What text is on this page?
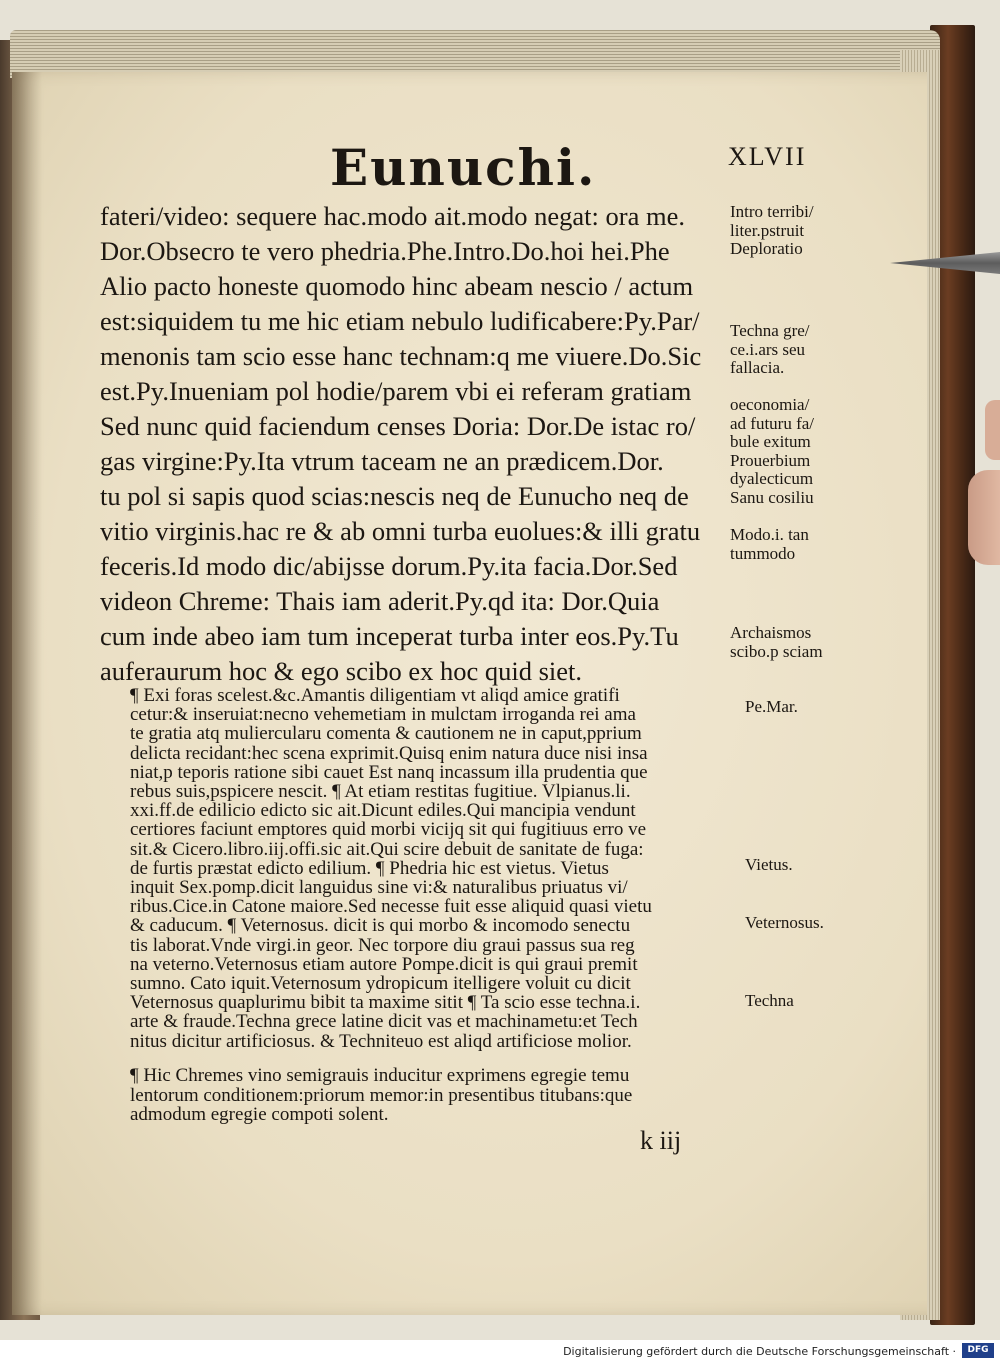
Eunuchi.	XLVII
fateri/video: sequere hac.modo ait.modo negat: ora me.
Dor.Obsecro te vero phedria.Phe.Intro.Do.hoi hei.Phe
Alio pacto honeste quomodo hinc abeam nescio / actum
est:siquidem tu me hic etiam nebulo ludificabere:Py.Par/
menonis tam scio esse hanc technam:q me viuere.Do.Sic
est.Py.Inueniam pol hodie/parem vbi ei referam gratiam
Sed nunc quid faciendum censes Doria: Dor.De istac ro/
gas virgine:Py.Ita vtrum taceam ne an prædicem.Dor.
tu pol si sapis quod scias:nescis neq de Eunucho neq de
vitio virginis.hac re & ab omni turba euolues:& illi gratu
feceris.Id modo dic/abijsse dorum.Py.ita facia.Dor.Sed
videon Chreme: Thais iam aderit.Py.qd ita: Dor.Quia
cum inde abeo iam tum inceperat turba inter eos.Py.Tu
auferaurum hoc & ego scibo ex hoc quid siet.
¶ Exi foras scelest.&c.Amantis diligentiam vt aliqd amice gratifi
cetur:& inseruiat:necno vehemetiam in mulctam irroganda rei ama
te gratia atq muliercularu comenta & cautionem ne in caput,pprium
delicta recidant:hec scena exprimit.Quisq enim natura duce nisi insa
niat,p teporis ratione sibi cauet Est nanq incassum illa prudentia que
rebus suis,pspicere nescit. ¶ At etiam restitas fugitiue. Vlpianus.li.
xxi.ff.de edilicio edicto sic ait.Dicunt ediles.Qui mancipia vendunt
certiores faciunt emptores quid morbi vicijq sit qui fugitiuus erro ve
sit.& Cicero.libro.iij.offi.sic ait.Qui scire debuit de sanitate de fuga:
de furtis præstat edicto edilium. ¶ Phedria hic est vietus. Vietus
inquit Sex.pomp.dicit languidus sine vi:& naturalibus priuatus vi/
ribus.Cice.in Catone maiore.Sed necesse fuit esse aliquid quasi vietu
& caducum. ¶ Veternosus. dicit is qui morbo & incomodo senectu
tis laborat.Vnde virgi.in geor. Nec torpore diu graui passus sua reg
na veterno.Veternosus etiam autore Pompe.dicit is qui graui premit
sumno. Cato iquit.Veternosum ydropicum itelligere voluit cu dicit
Veternosus quaplurimu bibit ta maxime sitit ¶ Ta scio esse techna.i.
arte & fraude.Techna grece latine dicit vas et machinametu:et Tech
nitus dicitur artificiosus. & Techniteuo est aliqd artificiose molior.
¶ Hic Chremes vino semigrauis inducitur exprimens egregie temu
lentorum conditionem:priorum memor:in presentibus titubans:que
admodum egregie compoti solent.
Intro terribi/
liter.pstruit
Deploratio
Techna gre/
ce.i.ars seu
fallacia.
oeconomia/
ad futuru fa/
bule exitum
Prouerbium
dyalecticum
Sanu cosiliu
Modo.i. tan
tummodo
Archaismos
scibo.p sciam
Pe.Mar.
Vietus.
Veternosus.
Techna
k iij
Digitalisierung gefördert durch die Deutsche Forschungsgemeinschaft ·	DFG
